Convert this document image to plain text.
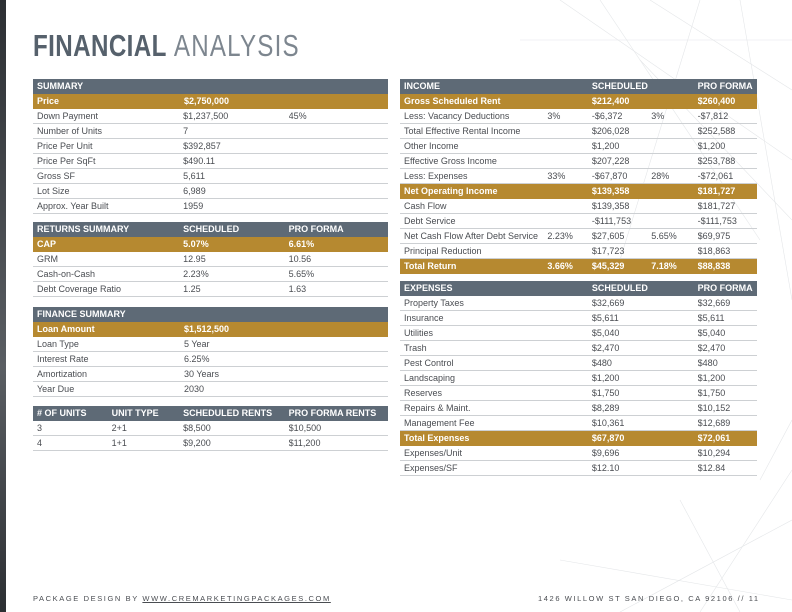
FINANCIAL ANALYSIS
SUMMARY
Price	$2,750,000
Down Payment	$1,237,500	45%
Number of Units	7
Price Per Unit	$392,857
Price Per SqFt	$490.11
Gross SF	5,611
Lot Size	6,989
Approx. Year Built	1959
RETURNS SUMMARY	SCHEDULED	PRO FORMA
CAP	5.07%	6.61%
GRM	12.95	10.56
Cash-on-Cash	2.23%	5.65%
Debt Coverage Ratio	1.25	1.63
FINANCE SUMMARY
Loan Amount	$1,512,500
Loan Type	5 Year
Interest Rate	6.25%
Amortization	30 Years
Year Due	2030
# OF UNITS	UNIT TYPE	SCHEDULED RENTS	PRO FORMA RENTS
3	2+1	$8,500	$10,500
4	1+1	$9,200	$11,200
INCOME	SCHEDULED	PRO FORMA
Gross Scheduled Rent	$212,400	$260,400
Less: Vacancy Deductions	3%	-$6,372	3%	-$7,812
Total Effective Rental Income	$206,028	$252,588
Other Income	$1,200	$1,200
Effective Gross Income	$207,228	$253,788
Less: Expenses	33%	-$67,870	28%	-$72,061
Net Operating Income	$139,358	$181,727
Cash Flow	$139,358	$181,727
Debt Service	-$111,753	-$111,753
Net Cash Flow After Debt Service	2.23%	$27,605	5.65%	$69,975
Principal Reduction	$17,723	$18,863
Total Return	3.66%	$45,329	7.18%	$88,838
EXPENSES	SCHEDULED	PRO FORMA
Property Taxes	$32,669	$32,669
Insurance	$5,611	$5,611
Utilities	$5,040	$5,040
Trash	$2,470	$2,470
Pest Control	$480	$480
Landscaping	$1,200	$1,200
Reserves	$1,750	$1,750
Repairs & Maint.	$8,289	$10,152
Management Fee	$10,361	$12,689
Total Expenses	$67,870	$72,061
Expenses/Unit	$9,696	$10,294
Expenses/SF	$12.10	$12.84
PACKAGE DESIGN BY WWW.CREMARKETINGPACKAGES.COM	1426 WILLOW ST SAN DIEGO, CA 92106 // 11
